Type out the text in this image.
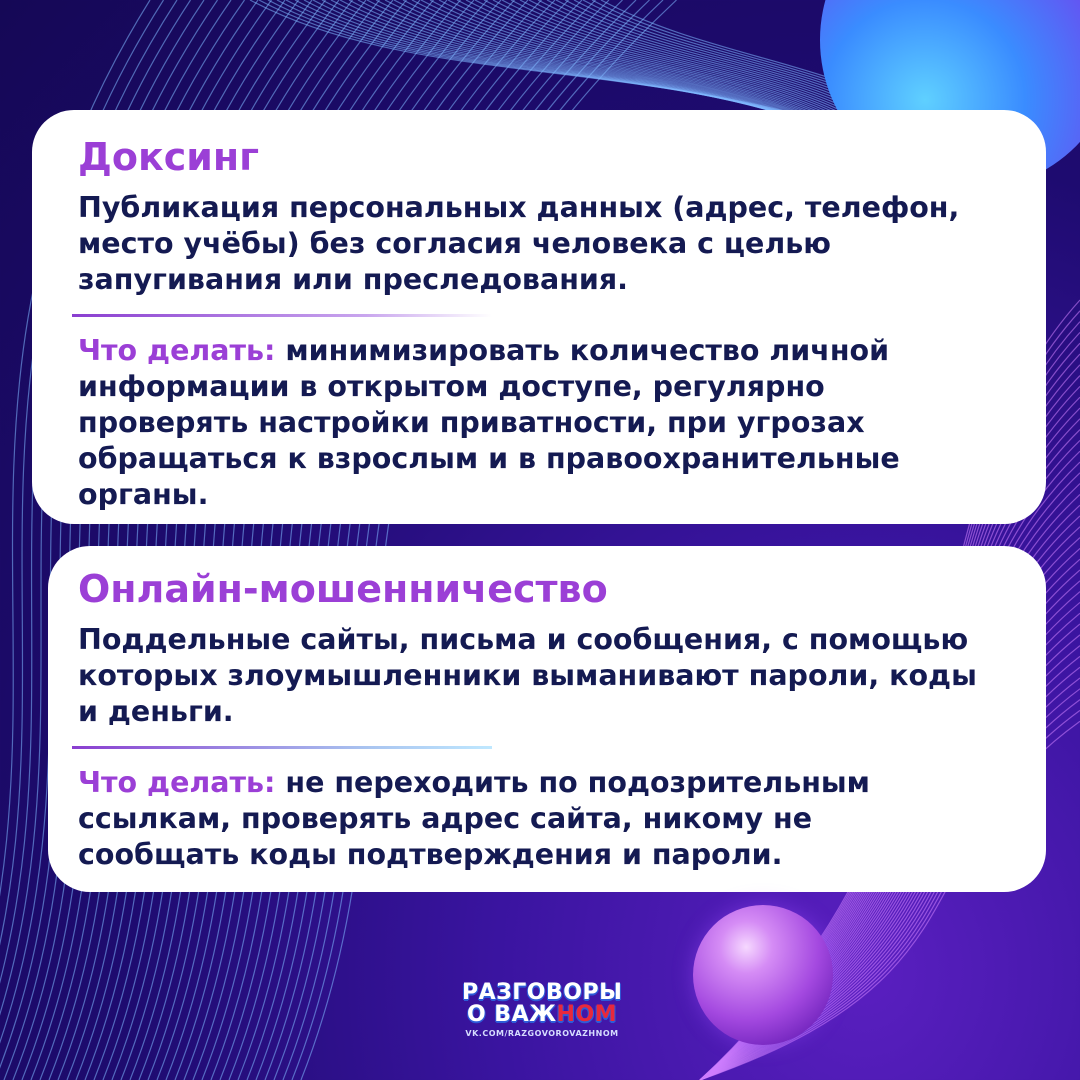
Доксинг
Публикация персональных данных (адрес, телефон,
место учёбы) без согласия человека с целью
запугивания или преследования.
Что делать: минимизировать количество личной
информации в открытом доступе, регулярно
проверять настройки приватности, при угрозах
обращаться к взрослым и в правоохранительные
органы.
Онлайн-мошенничество
Поддельные сайты, письма и сообщения, с помощью
которых злоумышленники выманивают пароли, коды
и деньги.
Что делать: не переходить по подозрительным
ссылкам, проверять адрес сайта, никому не
сообщать коды подтверждения и пароли.
РАЗГОВОРЫ
О ВАЖНОМ
VK.COM/RAZGOVOROVAZHNOM
